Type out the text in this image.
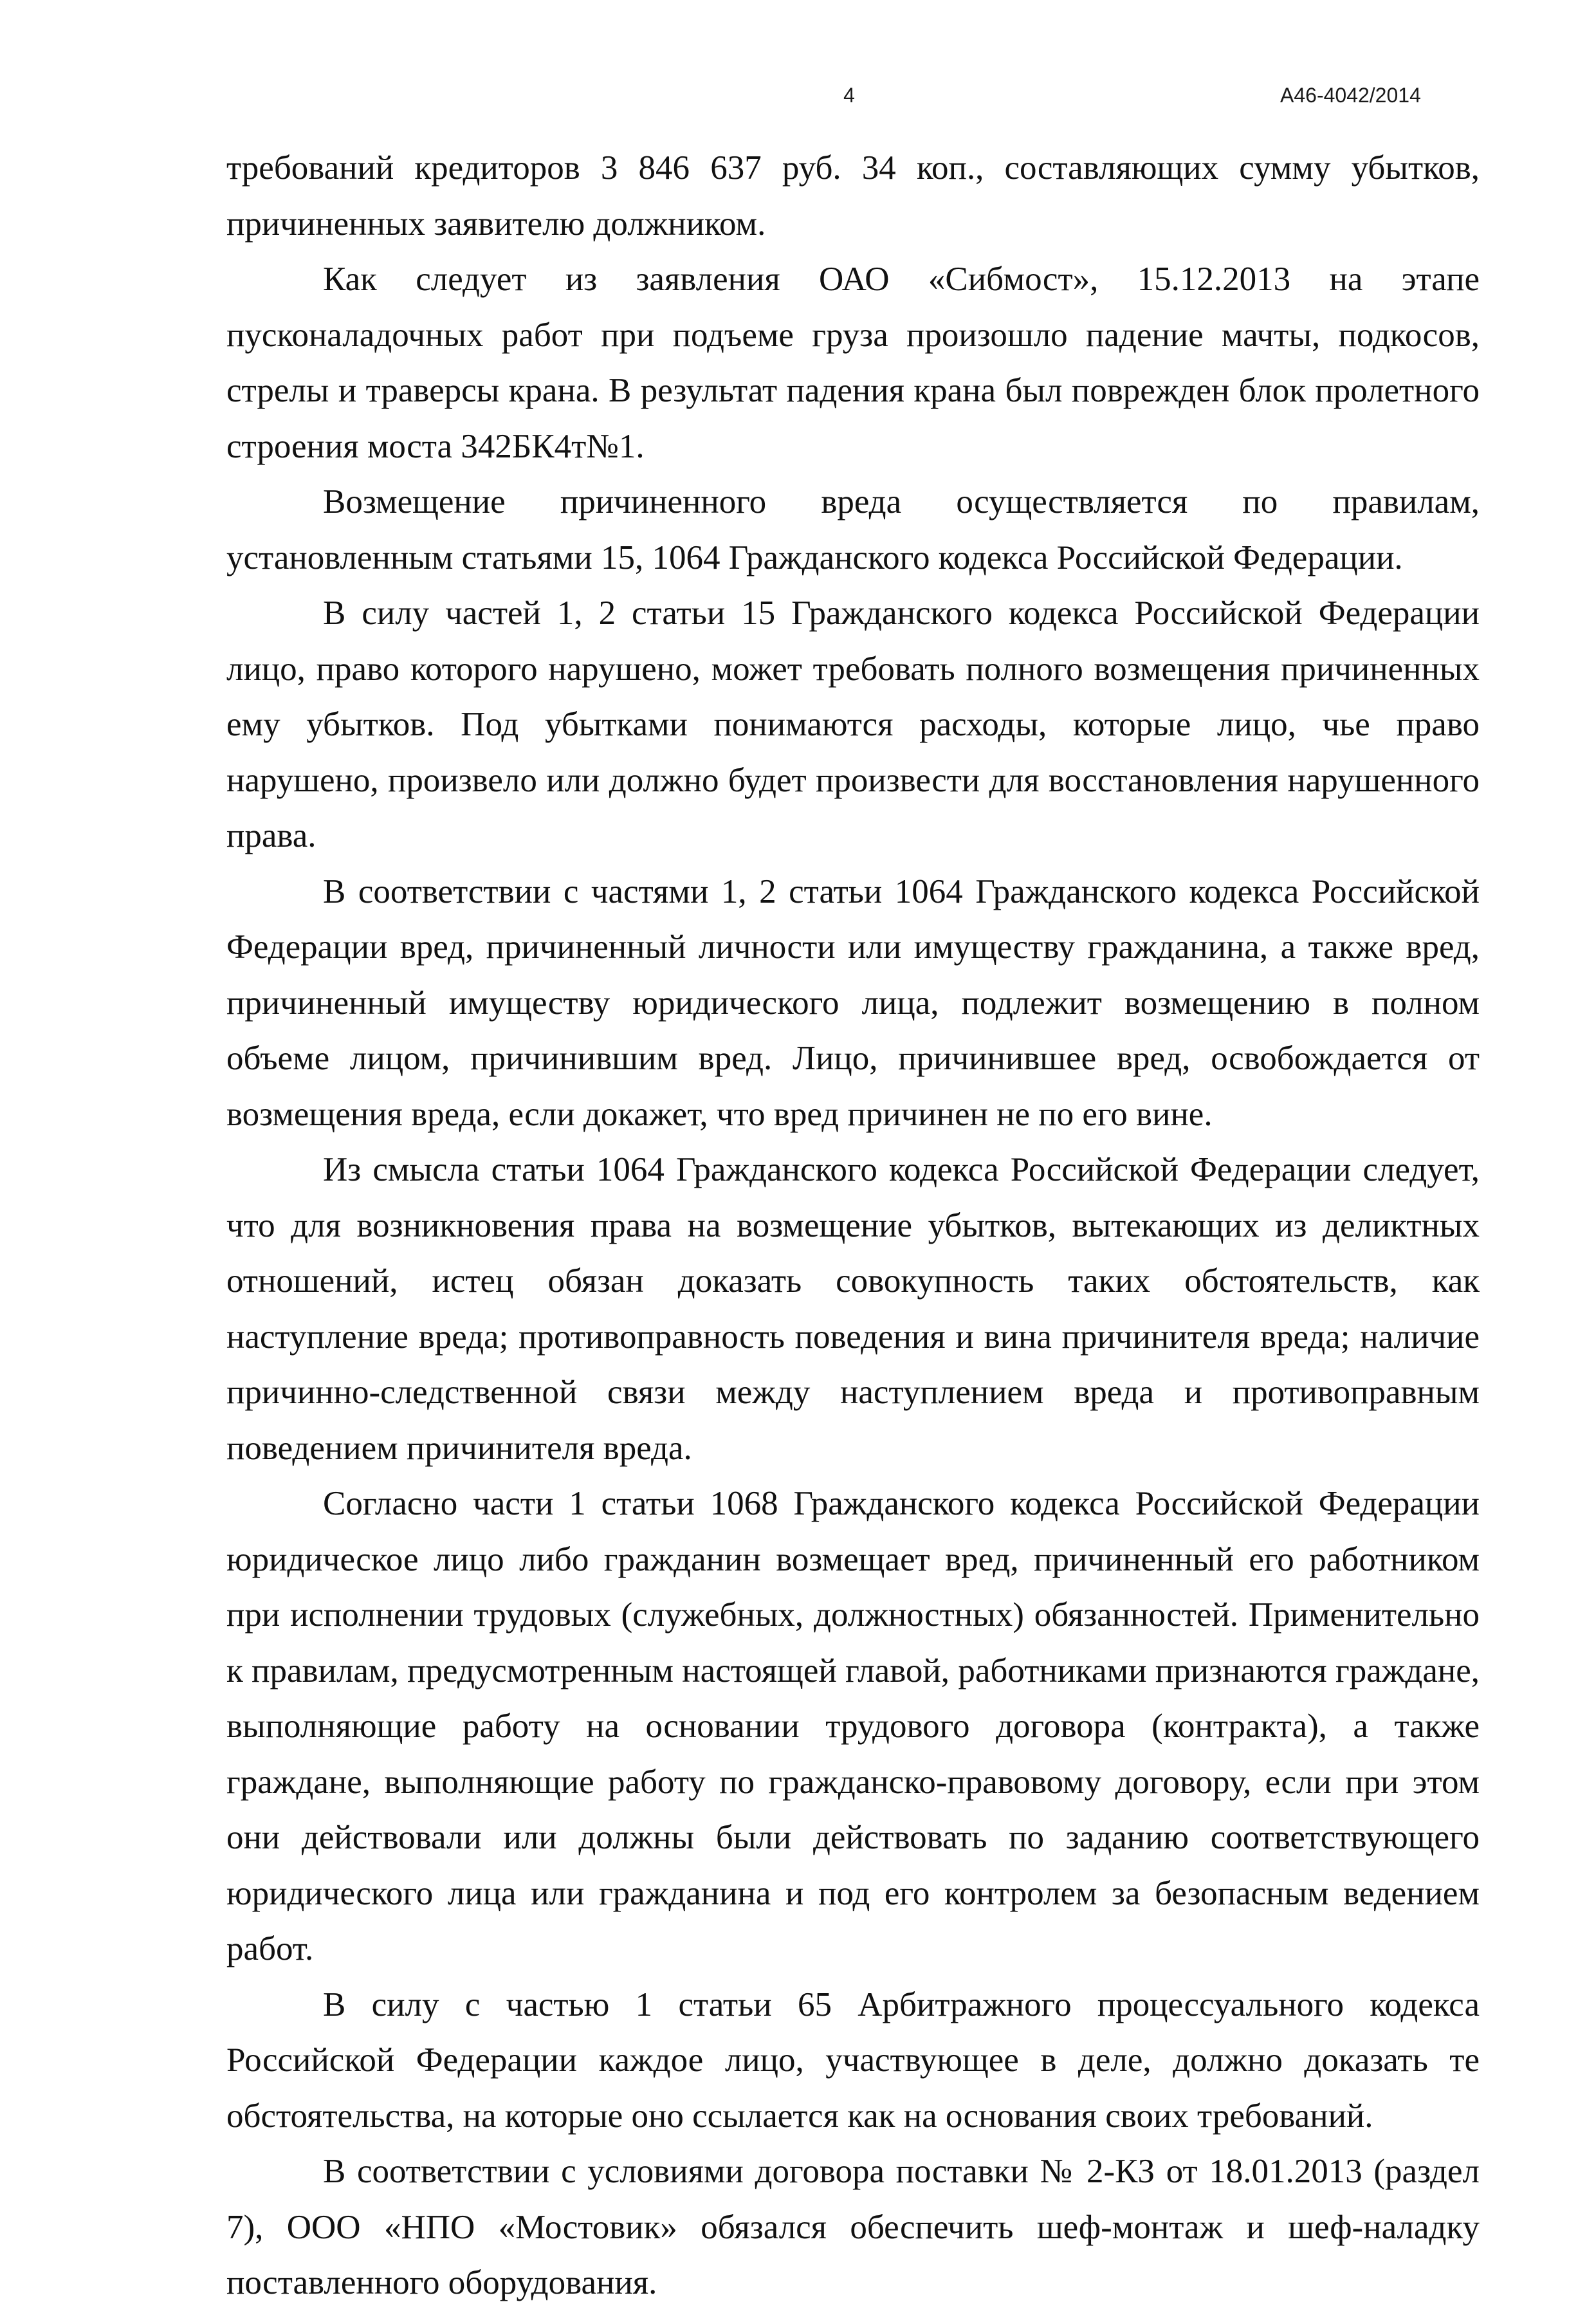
4	А46-4042/2014

требований кредиторов 3 846 637 руб. 34 коп., составляющих сумму убытков, причиненных заявителю должником.

Как следует из заявления ОАО «Сибмост», 15.12.2013 на этапе пусконаладочных работ при подъеме груза произошло падение мачты, подкосов, стрелы и траверсы крана. В результат падения крана был поврежден блок пролетного строения моста 342БК4т№1.

Возмещение причиненного вреда осуществляется по правилам, установленным статьями 15, 1064 Гражданского кодекса Российской Федерации.

В силу частей 1, 2 статьи 15 Гражданского кодекса Российской Федерации лицо, право которого нарушено, может требовать полного возмещения причиненных ему убытков. Под убытками понимаются расходы, которые лицо, чье право нарушено, произвело или должно будет произвести для восстановления нарушенного права.

В соответствии с частями 1, 2 статьи 1064 Гражданского кодекса Российской Федерации вред, причиненный личности или имуществу гражданина, а также вред, причиненный имуществу юридического лица, подлежит возмещению в полном объеме лицом, причинившим вред. Лицо, причинившее вред, освобождается от возмещения вреда, если докажет, что вред причинен не по его вине.

Из смысла статьи 1064 Гражданского кодекса Российской Федерации следует, что для возникновения права на возмещение убытков, вытекающих из деликтных отношений, истец обязан доказать совокупность таких обстоятельств, как наступление вреда; противоправность поведения и вина причинителя вреда; наличие причинно-следственной связи между наступлением вреда и противоправным поведением причинителя вреда.

Согласно части 1 статьи 1068 Гражданского кодекса Российской Федерации юридическое лицо либо гражданин возмещает вред, причиненный его работником при исполнении трудовых (служебных, должностных) обязанностей. Применительно к правилам, предусмотренным настоящей главой, работниками признаются граждане, выполняющие работу на основании трудового договора (контракта), а также граждане, выполняющие работу по гражданско-правовому договору, если при этом они действовали или должны были действовать по заданию соответствующего юридического лица или гражданина и под его контролем за безопасным ведением работ.

В силу с частью 1 статьи 65 Арбитражного процессуального кодекса Российской Федерации каждое лицо, участвующее в деле, должно доказать те обстоятельства, на которые оно ссылается как на основания своих требований.

В соответствии с условиями договора поставки № 2-КЗ от 18.01.2013 (раздел 7), ООО «НПО «Мостовик» обязался обеспечить шеф-монтаж и шеф-наладку поставленного оборудования.
